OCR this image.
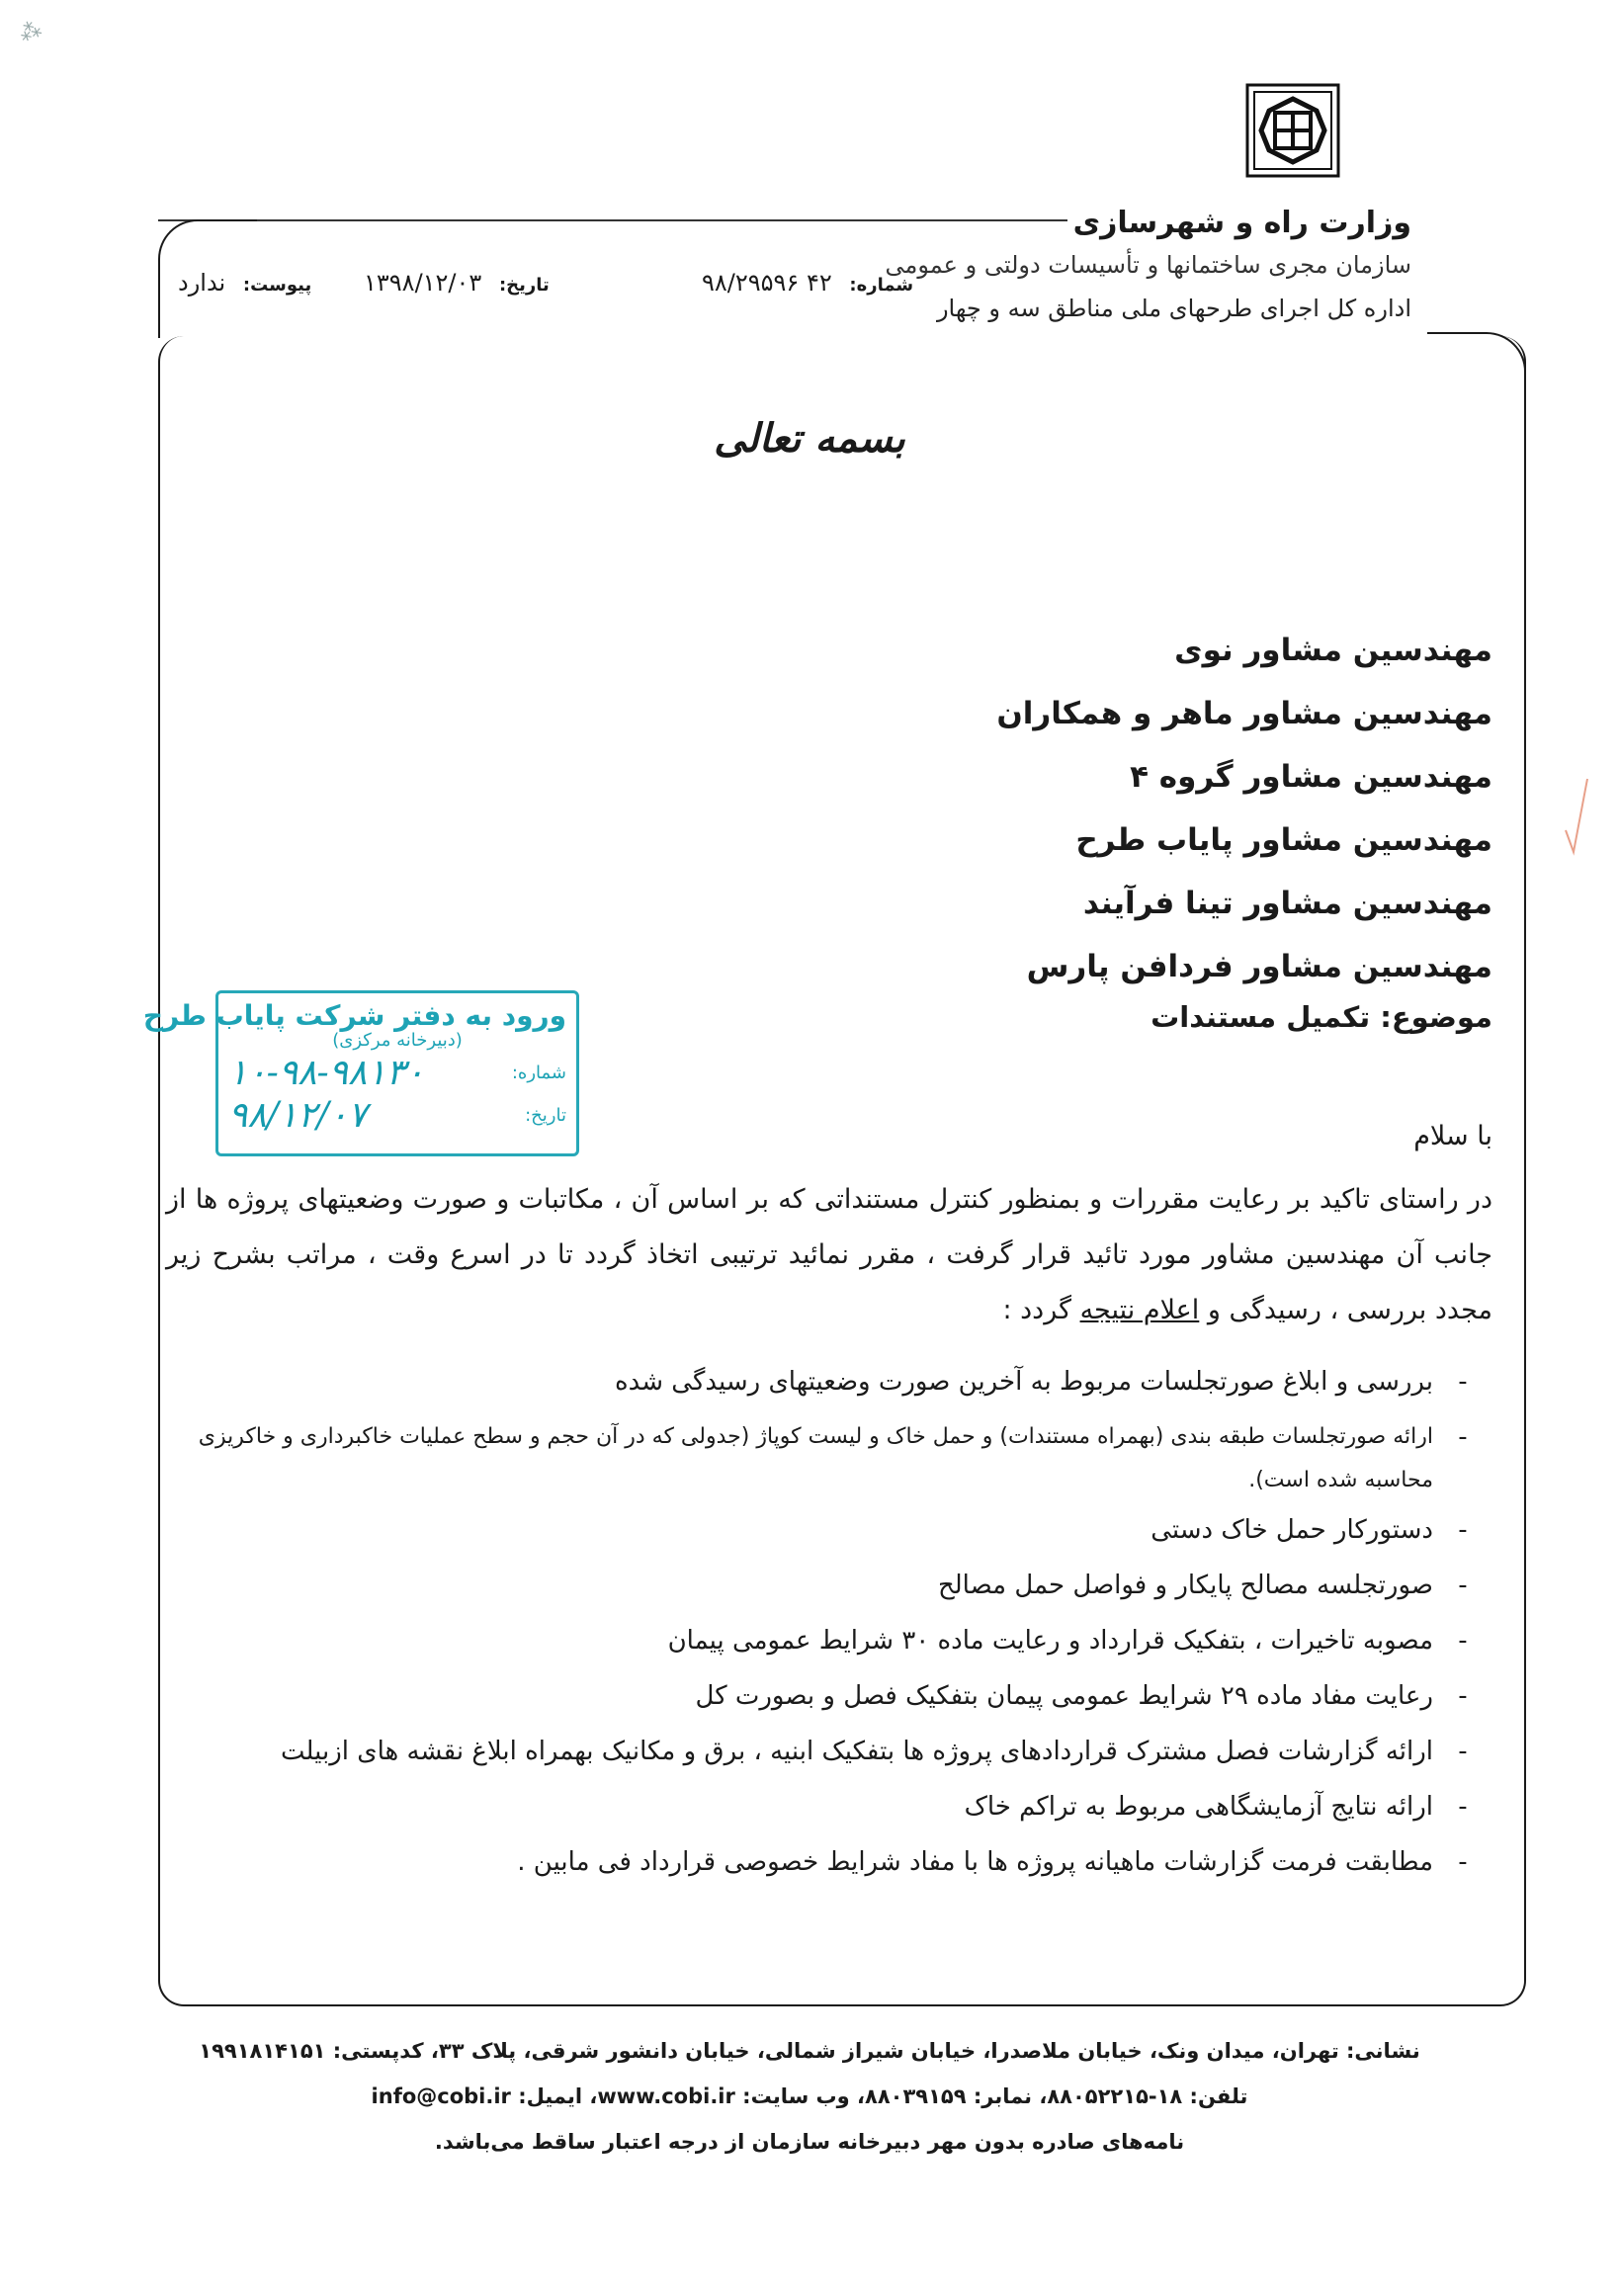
⁂
وزارت راه و شهرسازی
سازمان مجری ساختمانها و تأسیسات دولتی و عمومی
اداره کل اجرای طرحهای ملی مناطق سه و چهار
شماره: ۴۲ ۹۸/۲۹۵۹۶
تاریخ: ۱۳۹۸/۱۲/۰۳
پیوست: ندارد
بسمه تعالی
مهندسین مشاور نوی
مهندسین مشاور ماهر و همکاران
مهندسین مشاور گروه ۴
مهندسین مشاور پایاب طرح
مهندسین مشاور تینا فرآیند
مهندسین مشاور فردافن پارس
موضوع: تکمیل مستندات
ورود به دفتر شرکت پایاب طرح
(دبیرخانه مرکزی)
شماره:
۱۰-۹۸-۹۸۱۳۰
تاریخ:
۹۸/۱۲/۰۷
با سلام
در راستای تاکید بر رعایت مقررات و بمنظور کنترل مستنداتی که بر اساس آن ، مکاتبات و صورت وضعیتهای پروژه ها از جانب آن مهندسین مشاور مورد تائید قرار گرفت ، مقرر نمائید ترتیبی اتخاذ گردد تا در اسرع وقت ، مراتب بشرح زیر مجدد بررسی ، رسیدگی و اعلام نتیجه گردد :
-
بررسی و ابلاغ صورتجلسات مربوط به آخرین صورت وضعیتهای رسیدگی شده
-
ارائه صورتجلسات طبقه بندی (بهمراه مستندات) و حمل خاک و لیست کوپاژ (جدولی که در آن حجم و سطح عملیات خاکبرداری و خاکریزی محاسبه شده است).
-
دستورکار حمل خاک دستی
-
صورتجلسه مصالح پایکار و فواصل حمل مصالح
-
مصوبه تاخیرات ، بتفکیک قرارداد و رعایت ماده ۳۰ شرایط عمومی پیمان
-
رعایت مفاد ماده ۲۹ شرایط عمومی پیمان بتفکیک فصل و بصورت کل
-
ارائه گزارشات فصل مشترک قراردادهای پروژه ها بتفکیک ابنیه ، برق و مکانیک بهمراه ابلاغ نقشه های ازبیلت
-
ارائه نتایج آزمایشگاهی مربوط به تراکم خاک
-
مطابقت فرمت گزارشات ماهیانه پروژه ها با مفاد شرایط خصوصی قرارداد فی مابین .
نشانی: تهران، میدان ونک، خیابان ملاصدرا، خیابان شیراز شمالی، خیابان دانشور شرقی، پلاک ۳۳، کدپستی: ۱۹۹۱۸۱۴۱۵۱
تلفن: ۱۸-۸۸۰۵۲۲۱۵، نمابر: ۸۸۰۳۹۱۵۹، وب سایت: www.cobi.ir، ایمیل: info@cobi.ir
نامه‌های صادره بدون مهر دبیرخانه سازمان از درجه اعتبار ساقط می‌باشد.
